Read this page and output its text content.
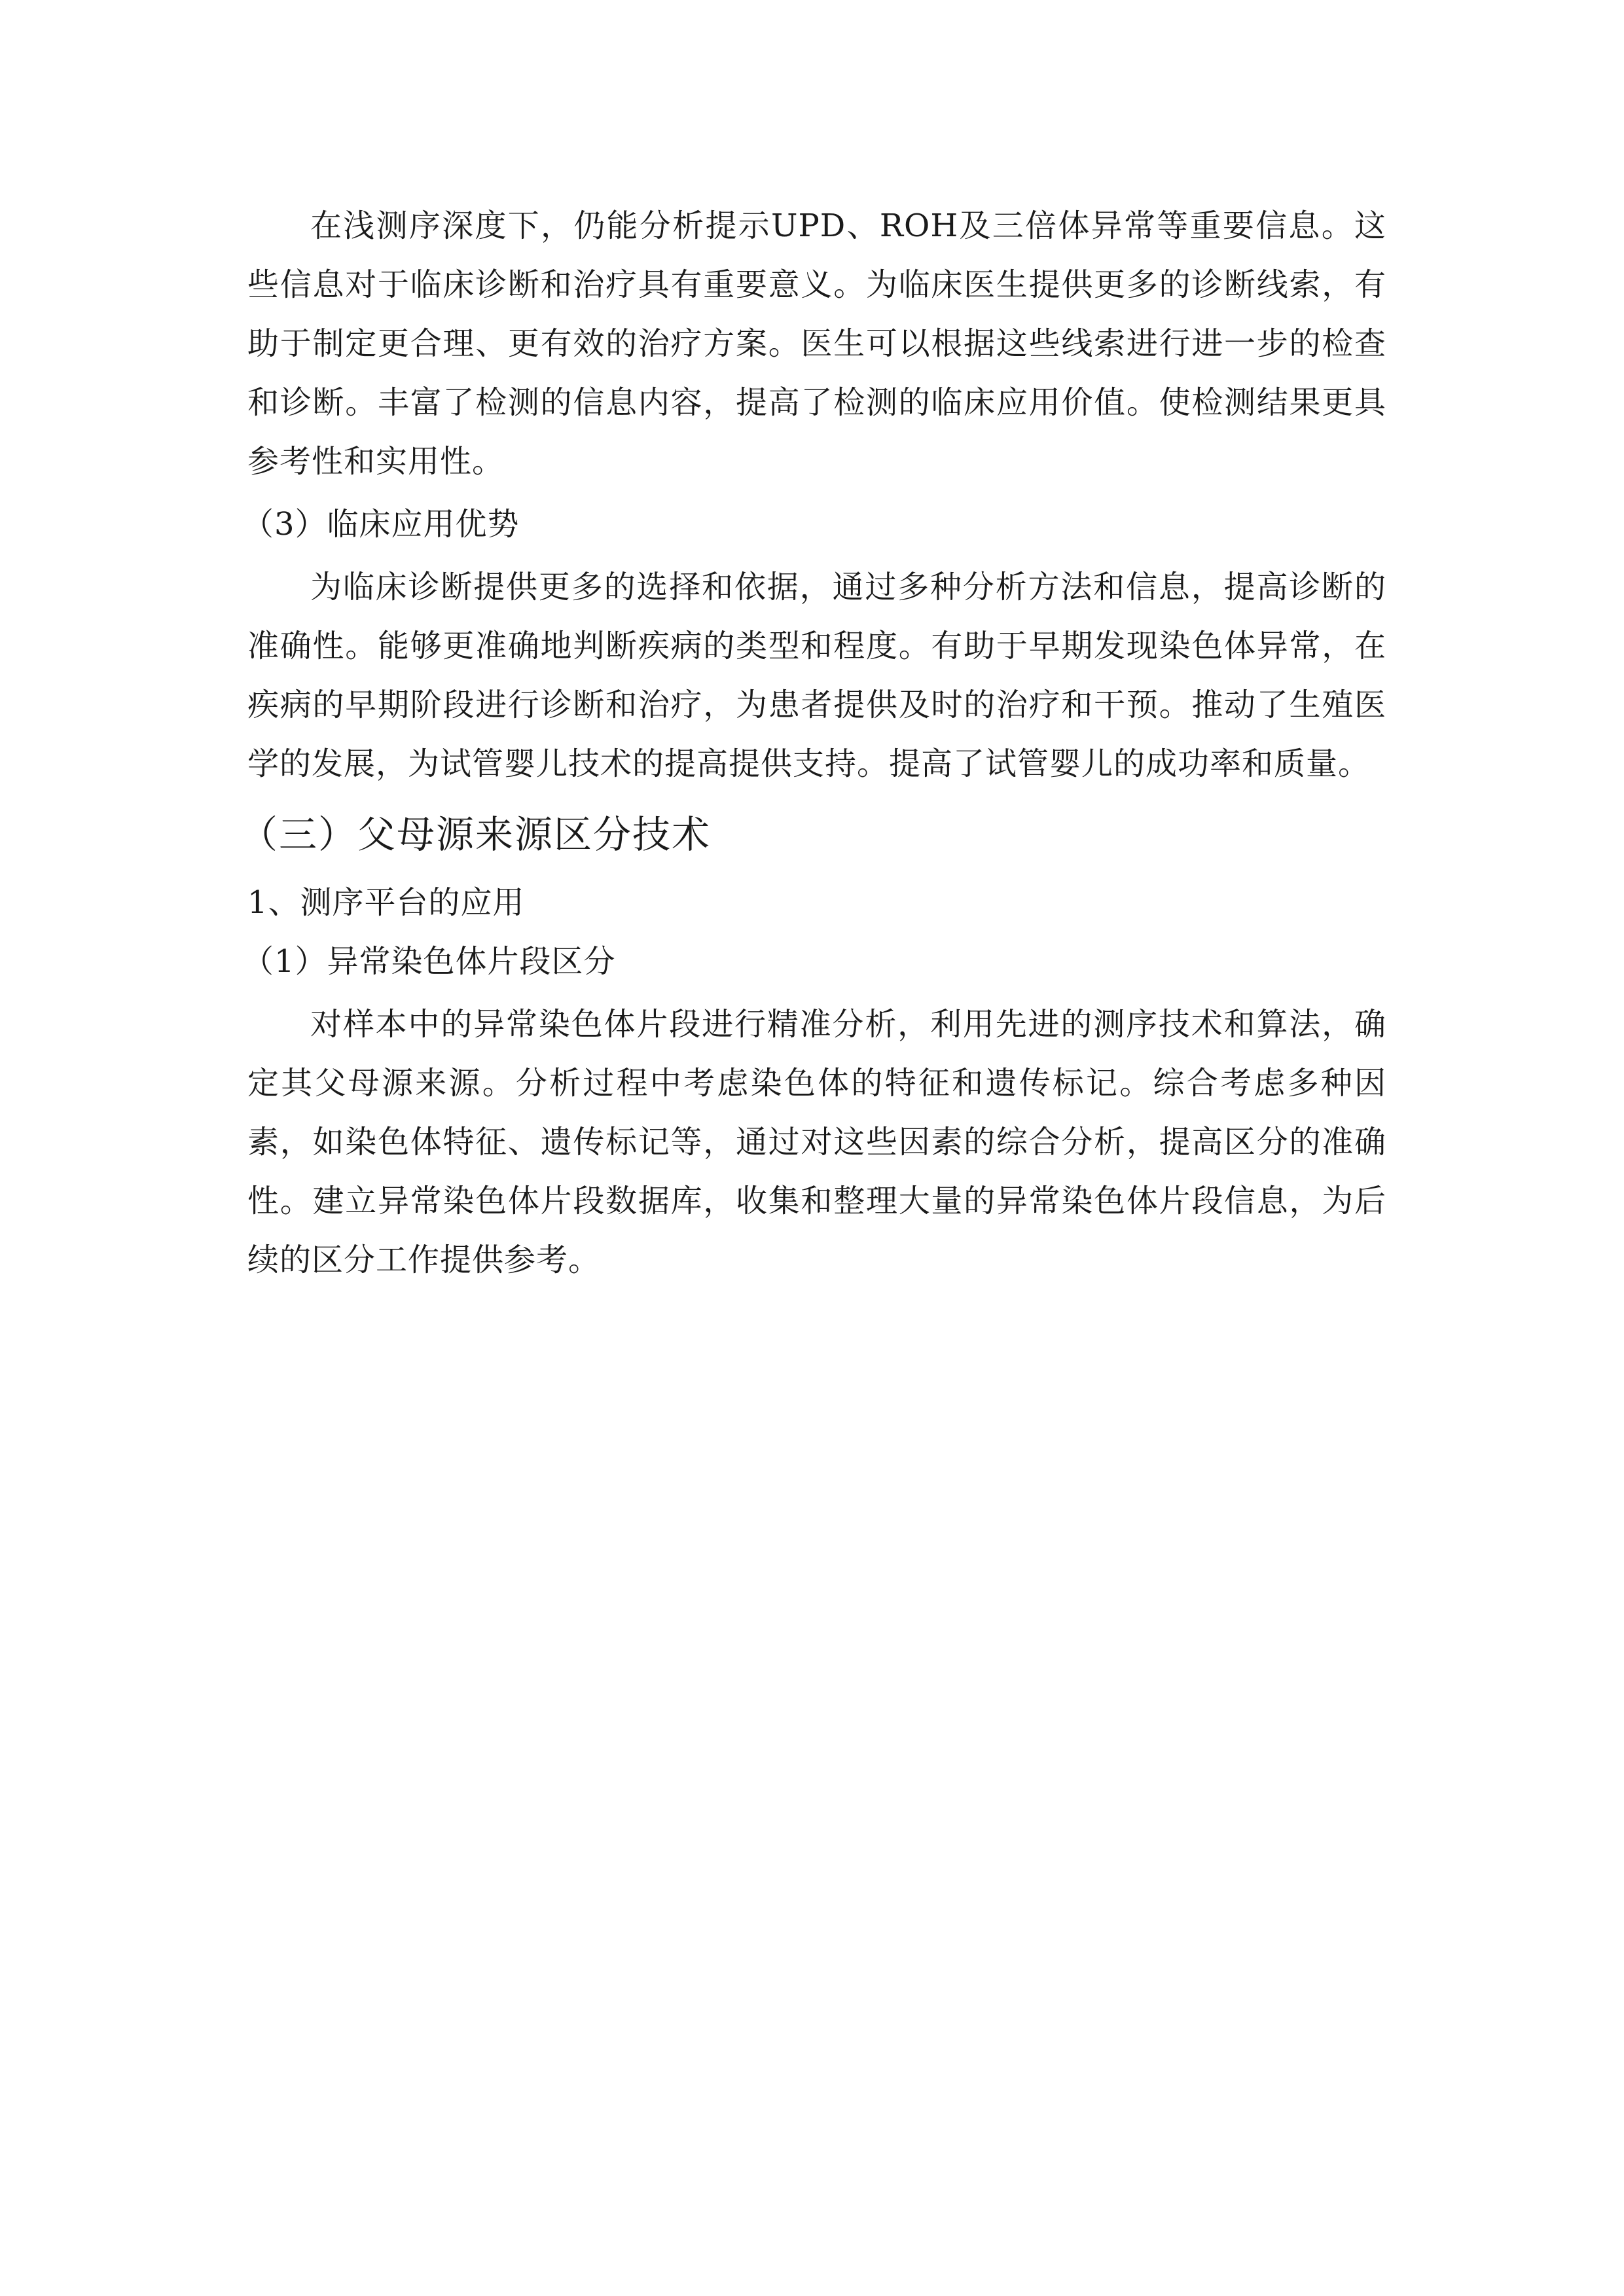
在浅测序深度下，仍能分析提示UPD、ROH及三倍体异常等重要信息。这些信息对于临床诊断和治疗具有重要意义。为临床医生提供更多的诊断线索，有助于制定更合理、更有效的治疗方案。医生可以根据这些线索进行进一步的检查和诊断。丰富了检测的信息内容，提高了检测的临床应用价值。使检测结果更具参考性和实用性。

（3）临床应用优势

为临床诊断提供更多的选择和依据，通过多种分析方法和信息，提高诊断的准确性。能够更准确地判断疾病的类型和程度。有助于早期发现染色体异常，在疾病的早期阶段进行诊断和治疗，为患者提供及时的治疗和干预。推动了生殖医学的发展，为试管婴儿技术的提高提供支持。提高了试管婴儿的成功率和质量。

（三）父母源来源区分技术

1、测序平台的应用

（1）异常染色体片段区分

对样本中的异常染色体片段进行精准分析，利用先进的测序技术和算法，确定其父母源来源。分析过程中考虑染色体的特征和遗传标记。综合考虑多种因素，如染色体特征、遗传标记等，通过对这些因素的综合分析，提高区分的准确性。建立异常染色体片段数据库，收集和整理大量的异常染色体片段信息，为后续的区分工作提供参考。
